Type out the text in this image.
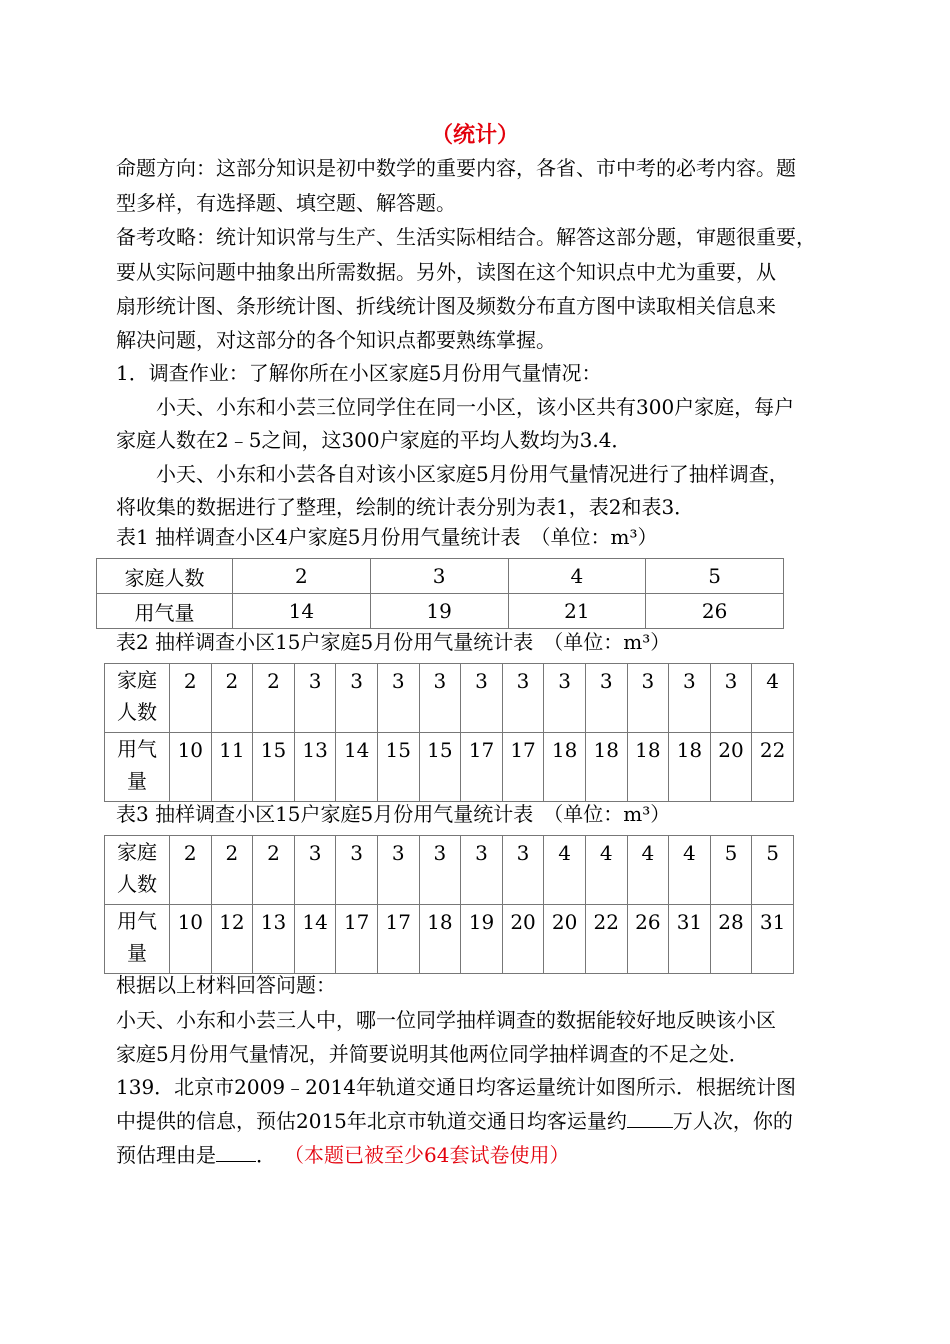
（统计）
命题方向：这部分知识是初中数学的重要内容，各省、市中考的必考内容。题
型多样，有选择题、填空题、解答题。
备考攻略：统计知识常与生产、生活实际相结合。解答这部分题，审题很重要，
要从实际问题中抽象出所需数据。另外，读图在这个知识点中尤为重要，从
扇形统计图、条形统计图、折线统计图及频数分布直方图中读取相关信息来
解决问题，对这部分的各个知识点都要熟练掌握。
1．调查作业：了解你所在小区家庭5月份用气量情况：
小天、小东和小芸三位同学住在同一小区，该小区共有300户家庭，每户
家庭人数在2﹣5之间，这300户家庭的平均人数均为3.4．
小天、小东和小芸各自对该小区家庭5月份用气量情况进行了抽样调查，
将收集的数据进行了整理，绘制的统计表分别为表1，表2和表3．
表1 抽样调查小区4户家庭5月份用气量统计表　（单位：m³）
家庭人数	2	3	4	5
用气量	14	19	21	26
表2 抽样调查小区15户家庭5月份用气量统计表　（单位：m³）
家庭
人数	2	2	2	3	3	3	3	3	3	3	3	3	3	3	4

用气
量	10	11	15	13	14	15	15	17	17	18	18	18	18	20	22
表3 抽样调查小区15户家庭5月份用气量统计表　（单位：m³）
家庭
人数	2	2	2	3	3	3	3	3	3	4	4	4	4	5	5

用气
量	10	12	13	14	17	17	18	19	20	20	22	26	31	28	31
根据以上材料回答问题：
小天、小东和小芸三人中，哪一位同学抽样调查的数据能较好地反映该小区
家庭5月份用气量情况，并简要说明其他两位同学抽样调查的不足之处．
139．北京市2009﹣2014年轨道交通日均客运量统计如图所示．根据统计图
中提供的信息，预估2015年北京市轨道交通日均客运量约 万人次，你的
预估理由是 ． （本题已被至少64套试卷使用）
